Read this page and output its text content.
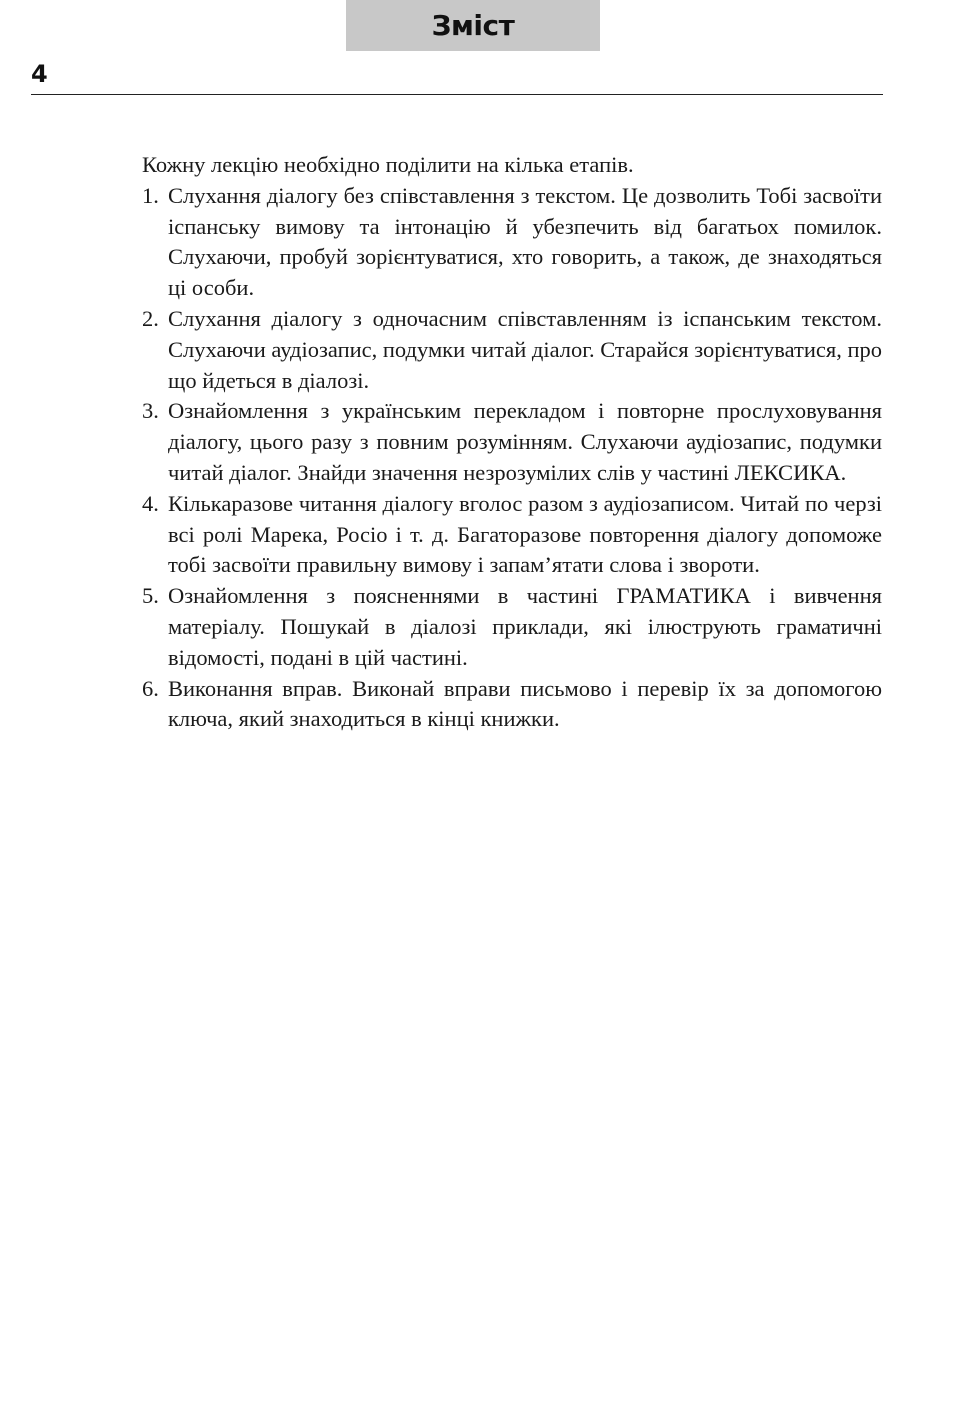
Зміст
4

Кожну лекцію необхідно поділити на кілька етапів.

1. Слухання діалогу без співставлення з текстом. Це дозволить Тобі засвоїти іспанську вимову та інтонацію й убезпечить від багатьох помилок. Слухаючи, пробуй зорієнтуватися, хто говорить, а також, де знаходяться ці особи.
2. Слухання діалогу з одночасним співставленням із іспанським текстом. Слухаючи аудіозапис, подумки читай діалог. Старайся зорієнтуватися, про що йдеться в діалозі.
3. Ознайомлення з українським перекладом і повторне прослуховування діалогу, цього разу з повним розумінням. Слухаючи аудіозапис, подумки читай діалог. Знайди значення незрозумілих слів у частині ЛЕКСИКА.
4. Кількаразове читання діалогу вголос разом з аудіозаписом. Читай по черзі всі ролі Марека, Росіо і т. д. Багаторазове повторення діалогу допоможе тобі засвоїти правильну вимову і запам’ятати слова і звороти.
5. Ознайомлення з поясненнями в частині ГРАМАТИКА і вивчення матеріалу. Пошукай в діалозі приклади, які ілюструють граматичні відомості, подані в цій частині.
6. Виконання вправ. Виконай вправи письмово і перевір їх за допомогою ключа, який знаходиться в кінці книжки.
